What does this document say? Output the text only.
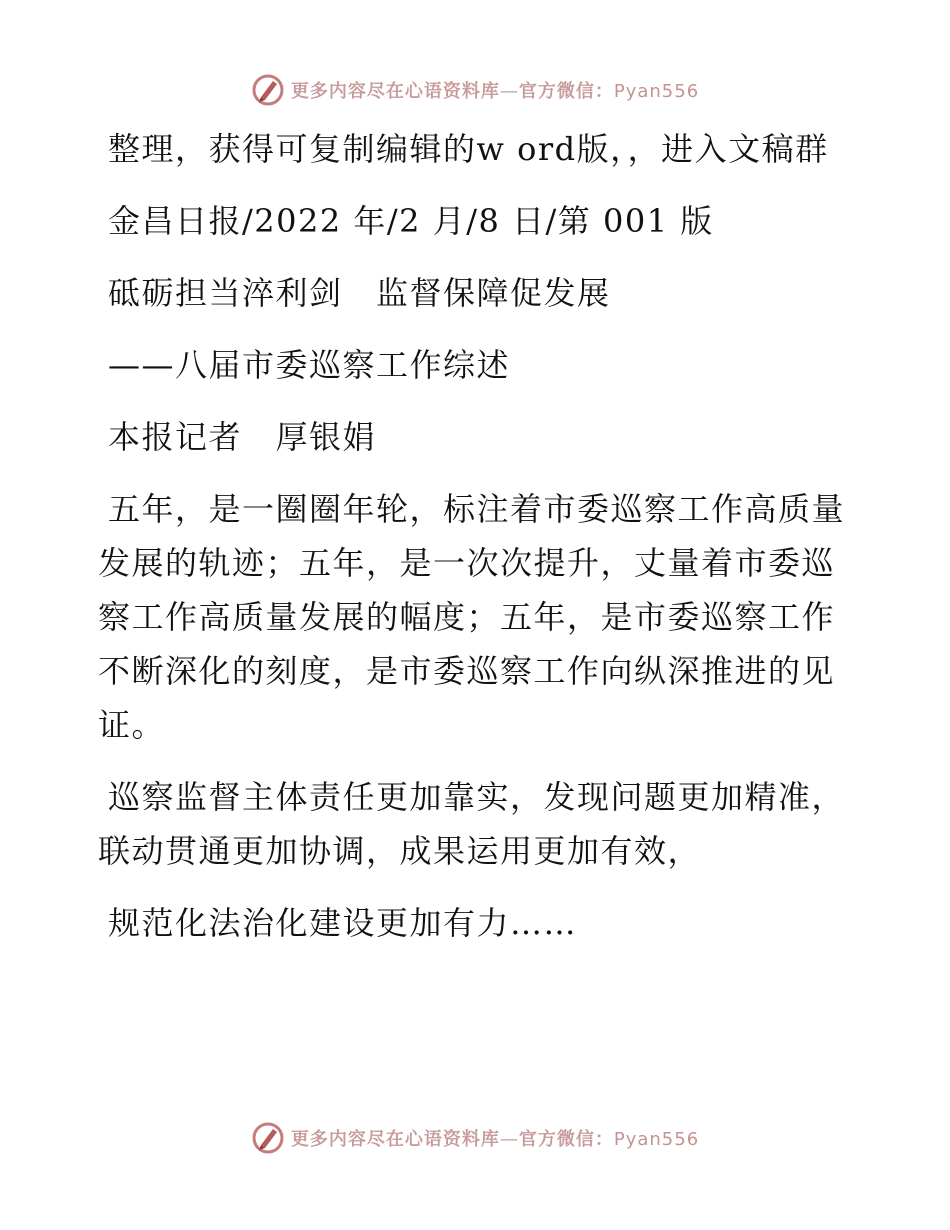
更多内容尽在心语资料库—官方微信：Pyan556

整理，获得可复制编辑的w ord版，，进入文稿群

金昌日报/2022 年/2 月/8 日/第 001 版

砥砺担当淬利剑　监督保障促发展

——八届市委巡察工作综述

本报记者　厚银娟

五年，是一圈圈年轮，标注着市委巡察工作高质量发展的轨迹；五年，是一次次提升，丈量着市委巡察工作高质量发展的幅度；五年，是市委巡察工作不断深化的刻度，是市委巡察工作向纵深推进的见证。

巡察监督主体责任更加靠实，发现问题更加精准，联动贯通更加协调，成果运用更加有效，

规范化法治化建设更加有力……

更多内容尽在心语资料库—官方微信：Pyan556
